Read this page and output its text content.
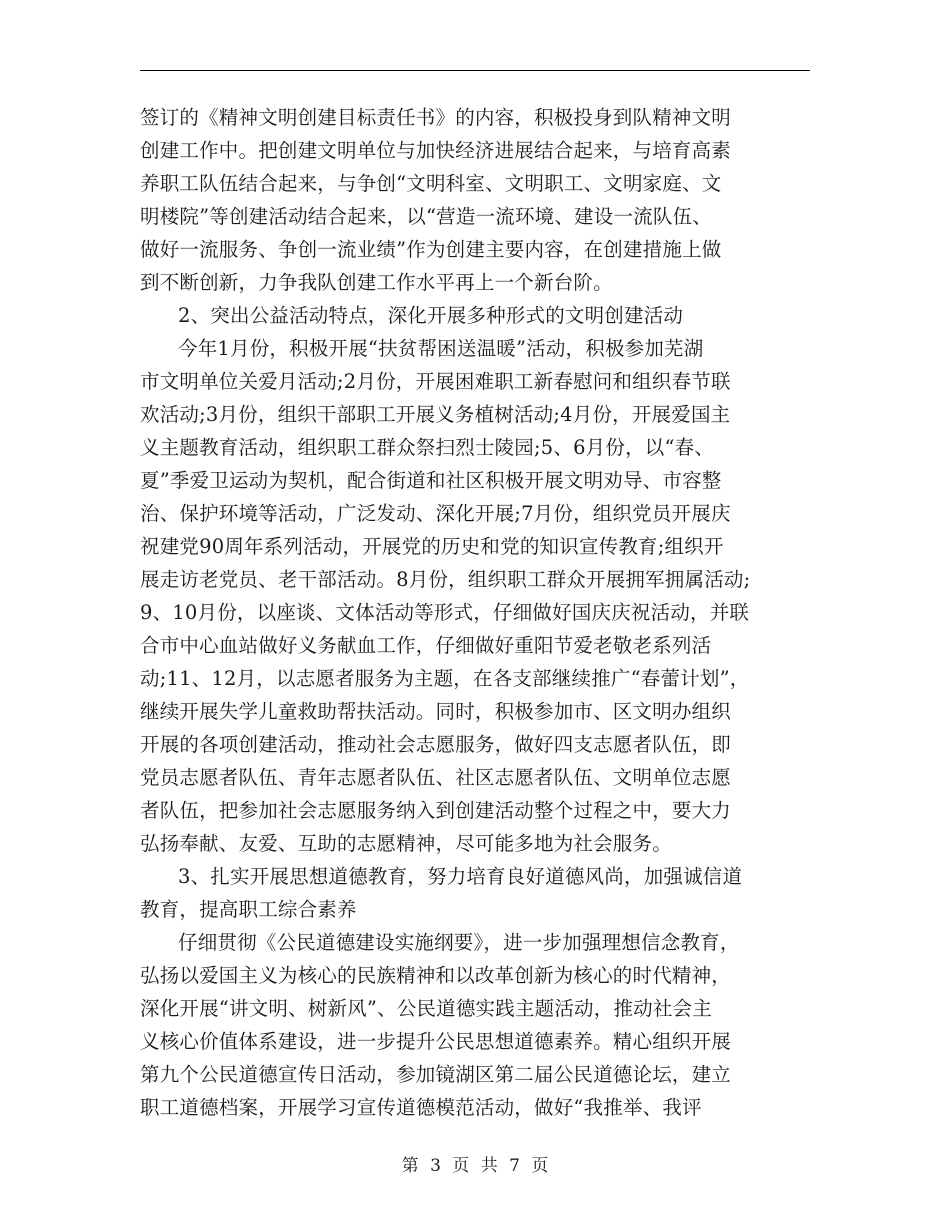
签订的《精神文明创建目标责任书》的内容，积极投身到队精神文明
创建工作中。把创建文明单位与加快经济进展结合起来，与培育高素
养职工队伍结合起来，与争创“文明科室、文明职工、文明家庭、文
明楼院”等创建活动结合起来，以“营造一流环境、建设一流队伍、
做好一流服务、争创一流业绩”作为创建主要内容，在创建措施上做
到不断创新，力争我队创建工作水平再上一个新台阶。
2、突出公益活动特点，深化开展多种形式的文明创建活动
今年1月份，积极开展“扶贫帮困送温暖”活动，积极参加芜湖
市文明单位关爱月活动;2月份，开展困难职工新春慰问和组织春节联
欢活动;3月份，组织干部职工开展义务植树活动;4月份，开展爱国主
义主题教育活动，组织职工群众祭扫烈士陵园;5、6月份，以“春、
夏”季爱卫运动为契机，配合街道和社区积极开展文明劝导、市容整
治、保护环境等活动，广泛发动、深化开展;7月份，组织党员开展庆
祝建党90周年系列活动，开展党的历史和党的知识宣传教育;组织开
展走访老党员、老干部活动。8月份，组织职工群众开展拥军拥属活动;
9、10月份，以座谈、文体活动等形式，仔细做好国庆庆祝活动，并联
合市中心血站做好义务献血工作，仔细做好重阳节爱老敬老系列活
动;11、12月，以志愿者服务为主题，在各支部继续推广“春蕾计划”，
继续开展失学儿童救助帮扶活动。同时，积极参加市、区文明办组织
开展的各项创建活动，推动社会志愿服务，做好四支志愿者队伍，即
党员志愿者队伍、青年志愿者队伍、社区志愿者队伍、文明单位志愿
者队伍，把参加社会志愿服务纳入到创建活动整个过程之中，要大力
弘扬奉献、友爱、互助的志愿精神，尽可能多地为社会服务。
3、扎实开展思想道德教育，努力培育良好道德风尚，加强诚信道
教育，提高职工综合素养
仔细贯彻《公民道德建设实施纲要》，进一步加强理想信念教育，
弘扬以爱国主义为核心的民族精神和以改革创新为核心的时代精神，
深化开展“讲文明、树新风”、公民道德实践主题活动，推动社会主
义核心价值体系建设，进一步提升公民思想道德素养。精心组织开展
第九个公民道德宣传日活动，参加镜湖区第二届公民道德论坛，建立
职工道德档案，开展学习宣传道德模范活动，做好“我推举、我评
第 3 页 共 7 页
